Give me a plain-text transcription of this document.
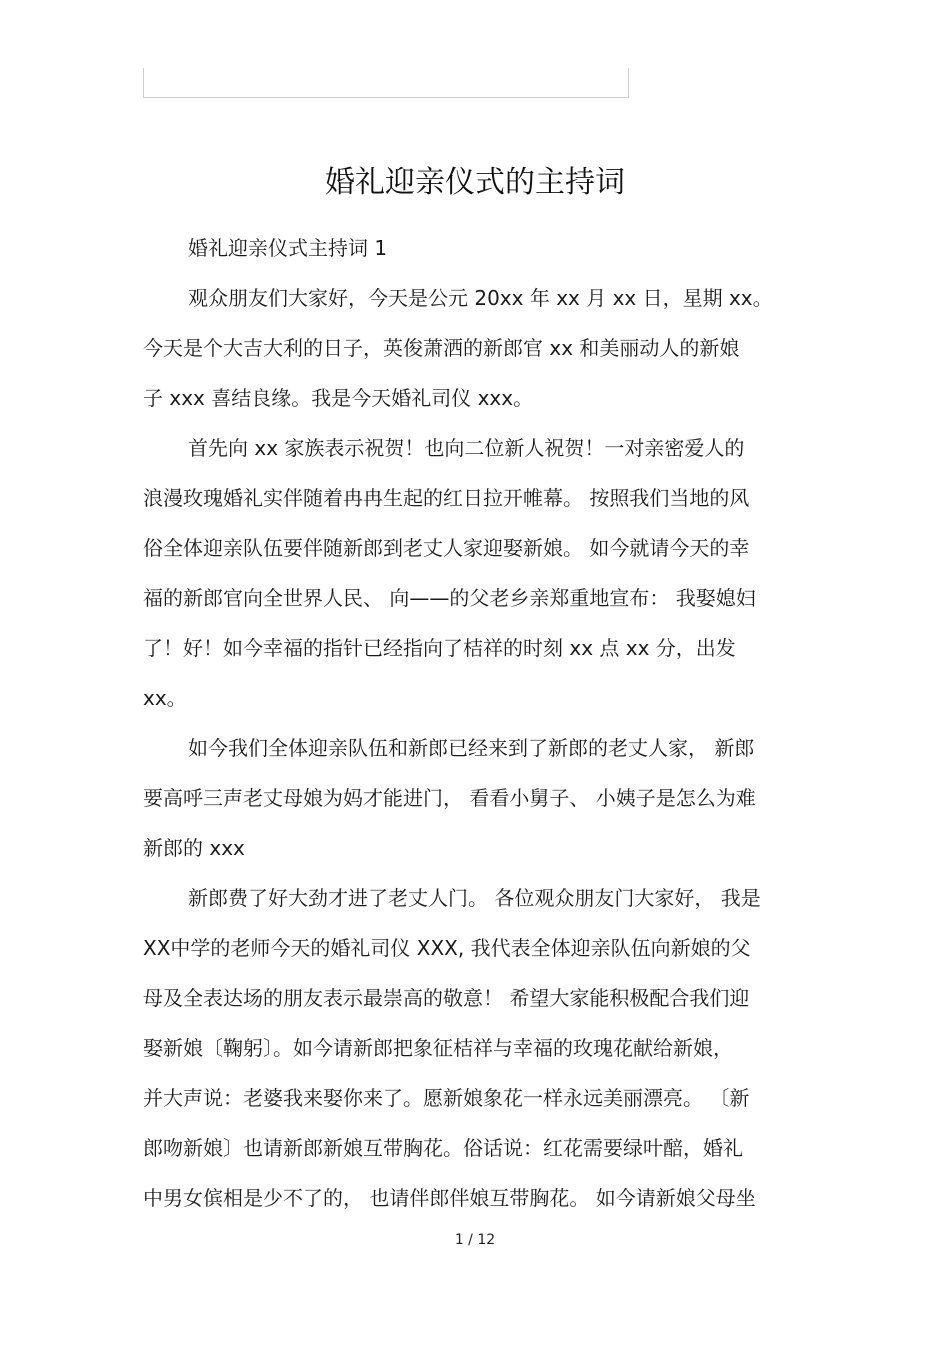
婚礼迎亲仪式的主持词
婚礼迎亲仪式主持词 1
观众朋友们大家好，今天是公元 20xx 年 xx 月 xx 日，星期 xx。
今天是个大吉大利的日子，英俊萧洒的新郎官 xx 和美丽动人的新娘
子 xxx 喜结良缘。我是今天婚礼司仪 xxx。
首先向 xx 家族表示祝贺！也向二位新人祝贺！一对亲密爱人的
浪漫玫瑰婚礼实伴随着冉冉生起的红日拉开帷幕。 按照我们当地的风
俗全体迎亲队伍要伴随新郎到老丈人家迎娶新娘。 如今就请今天的幸
福的新郎官向全世界人民、 向——的父老乡亲郑重地宣布： 我娶媳妇
了！好！如今幸福的指针已经指向了桔祥的时刻 xx 点 xx 分，出发
xx。
如今我们全体迎亲队伍和新郎已经来到了新郎的老丈人家， 新郎
要高呼三声老丈母娘为妈才能进门， 看看小舅子、 小姨子是怎么为难
新郎的 xxx
新郎费了好大劲才进了老丈人门。 各位观众朋友门大家好， 我是
XX中学的老师今天的婚礼司仪 XXX, 我代表全体迎亲队伍向新娘的父
母及全表达场的朋友表示最崇高的敬意！ 希望大家能积极配合我们迎
娶新娘〔鞠躬〕。如今请新郎把象征桔祥与幸福的玫瑰花献给新娘，
并大声说：老婆我来娶你来了。愿新娘象花一样永远美丽漂亮。 〔新
郎吻新娘〕也请新郎新娘互带胸花。俗话说：红花需要绿叶醅，婚礼
中男女傧相是少不了的， 也请伴郎伴娘互带胸花。 如今请新娘父母坐
1 / 12
